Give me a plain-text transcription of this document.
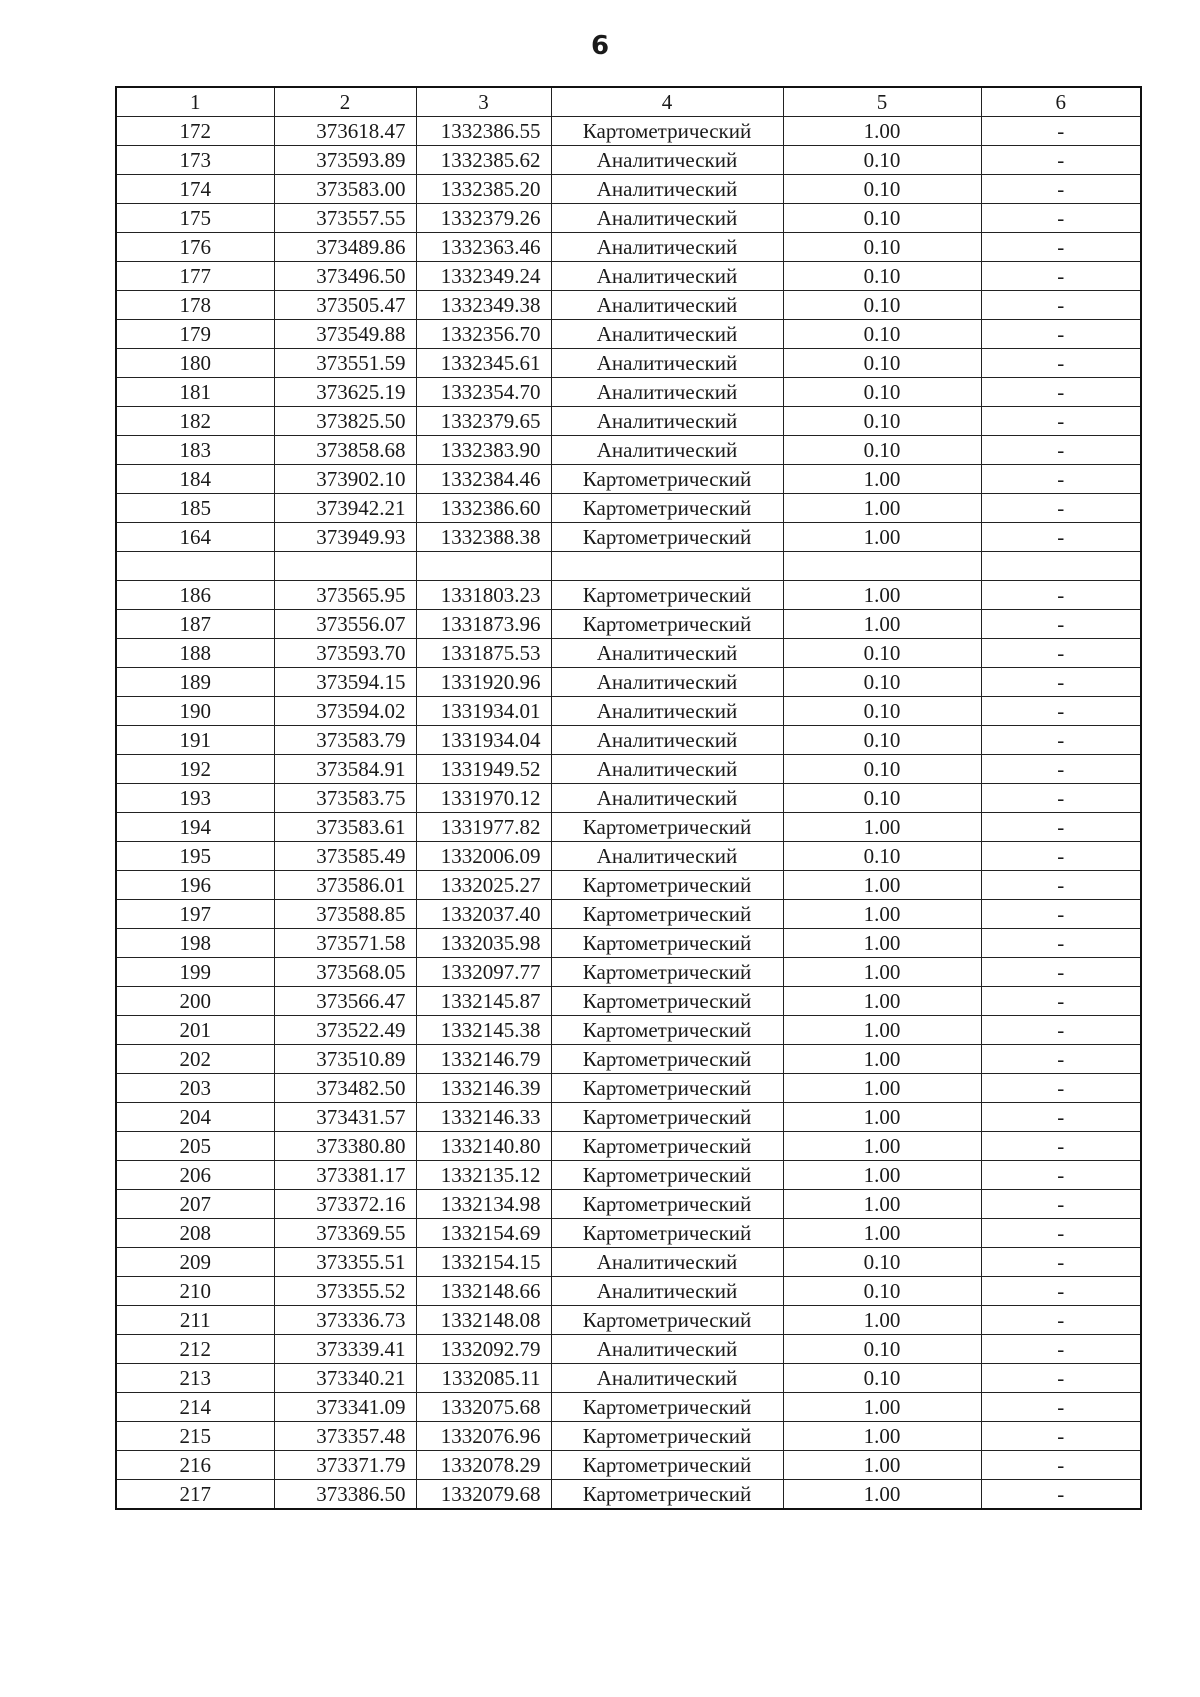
6
1	2	3	4	5	6
172	373618.47	1332386.55	Картометрический	1.00	-
173	373593.89	1332385.62	Аналитический	0.10	-
174	373583.00	1332385.20	Аналитический	0.10	-
175	373557.55	1332379.26	Аналитический	0.10	-
176	373489.86	1332363.46	Аналитический	0.10	-
177	373496.50	1332349.24	Аналитический	0.10	-
178	373505.47	1332349.38	Аналитический	0.10	-
179	373549.88	1332356.70	Аналитический	0.10	-
180	373551.59	1332345.61	Аналитический	0.10	-
181	373625.19	1332354.70	Аналитический	0.10	-
182	373825.50	1332379.65	Аналитический	0.10	-
183	373858.68	1332383.90	Аналитический	0.10	-
184	373902.10	1332384.46	Картометрический	1.00	-
185	373942.21	1332386.60	Картометрический	1.00	-
164	373949.93	1332388.38	Картометрический	1.00	-

186	373565.95	1331803.23	Картометрический	1.00	-
187	373556.07	1331873.96	Картометрический	1.00	-
188	373593.70	1331875.53	Аналитический	0.10	-
189	373594.15	1331920.96	Аналитический	0.10	-
190	373594.02	1331934.01	Аналитический	0.10	-
191	373583.79	1331934.04	Аналитический	0.10	-
192	373584.91	1331949.52	Аналитический	0.10	-
193	373583.75	1331970.12	Аналитический	0.10	-
194	373583.61	1331977.82	Картометрический	1.00	-
195	373585.49	1332006.09	Аналитический	0.10	-
196	373586.01	1332025.27	Картометрический	1.00	-
197	373588.85	1332037.40	Картометрический	1.00	-
198	373571.58	1332035.98	Картометрический	1.00	-
199	373568.05	1332097.77	Картометрический	1.00	-
200	373566.47	1332145.87	Картометрический	1.00	-
201	373522.49	1332145.38	Картометрический	1.00	-
202	373510.89	1332146.79	Картометрический	1.00	-
203	373482.50	1332146.39	Картометрический	1.00	-
204	373431.57	1332146.33	Картометрический	1.00	-
205	373380.80	1332140.80	Картометрический	1.00	-
206	373381.17	1332135.12	Картометрический	1.00	-
207	373372.16	1332134.98	Картометрический	1.00	-
208	373369.55	1332154.69	Картометрический	1.00	-
209	373355.51	1332154.15	Аналитический	0.10	-
210	373355.52	1332148.66	Аналитический	0.10	-
211	373336.73	1332148.08	Картометрический	1.00	-
212	373339.41	1332092.79	Аналитический	0.10	-
213	373340.21	1332085.11	Аналитический	0.10	-
214	373341.09	1332075.68	Картометрический	1.00	-
215	373357.48	1332076.96	Картометрический	1.00	-
216	373371.79	1332078.29	Картометрический	1.00	-
217	373386.50	1332079.68	Картометрический	1.00	-
